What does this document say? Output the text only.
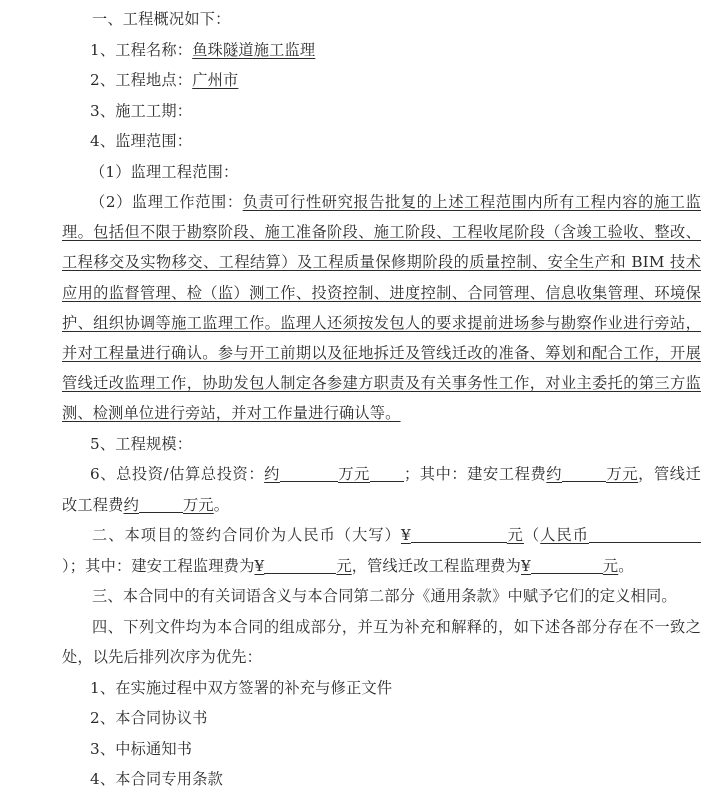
一、工程概况如下：

1、工程名称：鱼珠隧道施工监理

2、工程地点：广州市

3、施工工期：

4、监理范围：

（1）监理工程范围：

（2）监理工作范围：负责可行性研究报告批复的上述工程范围内所有工程内容的施工监理。包括但不限于勘察阶段、施工准备阶段、施工阶段、工程收尾阶段（含竣工验收、整改、工程移交及实物移交、工程结算）及工程质量保修期阶段的质量控制、安全生产和 BIM 技术应用的监督管理、检（监）测工作、投资控制、进度控制、合同管理、信息收集管理、环境保护、组织协调等施工监理工作。监理人还须按发包人的要求提前进场参与勘察作业进行旁站，并对工程量进行确认。参与开工前期以及征地拆迁及管线迁改的准备、筹划和配合工作，开展管线迁改监理工作，协助发包人制定各参建方职责及有关事务性工作，对业主委托的第三方监测、检测单位进行旁站，并对工作量进行确认等。

5、工程规模：

6、总投资/估算总投资：约	万元 ；其中：建安工程费约	万元，管线迁改工程费约	万元。

二、本项目的签约合同价为人民币（大写）¥	元（人民币）；其中：建安工程监理费为¥	元，管线迁改工程监理费为¥	元。

三、本合同中的有关词语含义与本合同第二部分《通用条款》中赋予它们的定义相同。

四、下列文件均为本合同的组成部分，并互为补充和解释的，如下述各部分存在不一致之处，以先后排列次序为优先：

1、在实施过程中双方签署的补充与修正文件

2、本合同协议书

3、中标通知书

4、本合同专用条款
